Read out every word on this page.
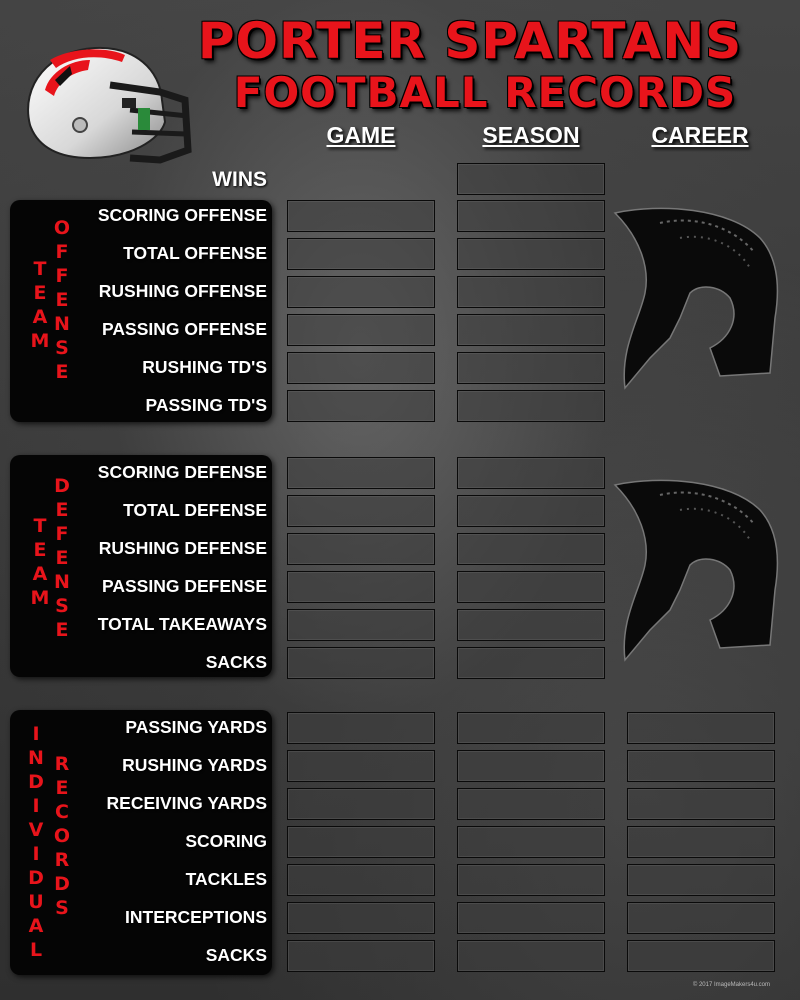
PORTER SPARTANS
FOOTBALL RECORDS
GAME	SEASON	CAREER
WINS
T
E
A
M
O
F
F
E
N
S
E
T
E
A
M
D
E
F
E
N
S
E
I
N
D
I
V
I
D
U
A
L
R
E
C
O
R
D
S
SCORING OFFENSE
TOTAL OFFENSE
RUSHING OFFENSE
PASSING OFFENSE
RUSHING TD'S
PASSING TD'S
SCORING DEFENSE
TOTAL DEFENSE
RUSHING DEFENSE
PASSING DEFENSE
TOTAL TAKEAWAYS
SACKS
PASSING YARDS
RUSHING YARDS
RECEIVING YARDS
SCORING
TACKLES
INTERCEPTIONS
SACKS
© 2017 ImageMakers4u.com
